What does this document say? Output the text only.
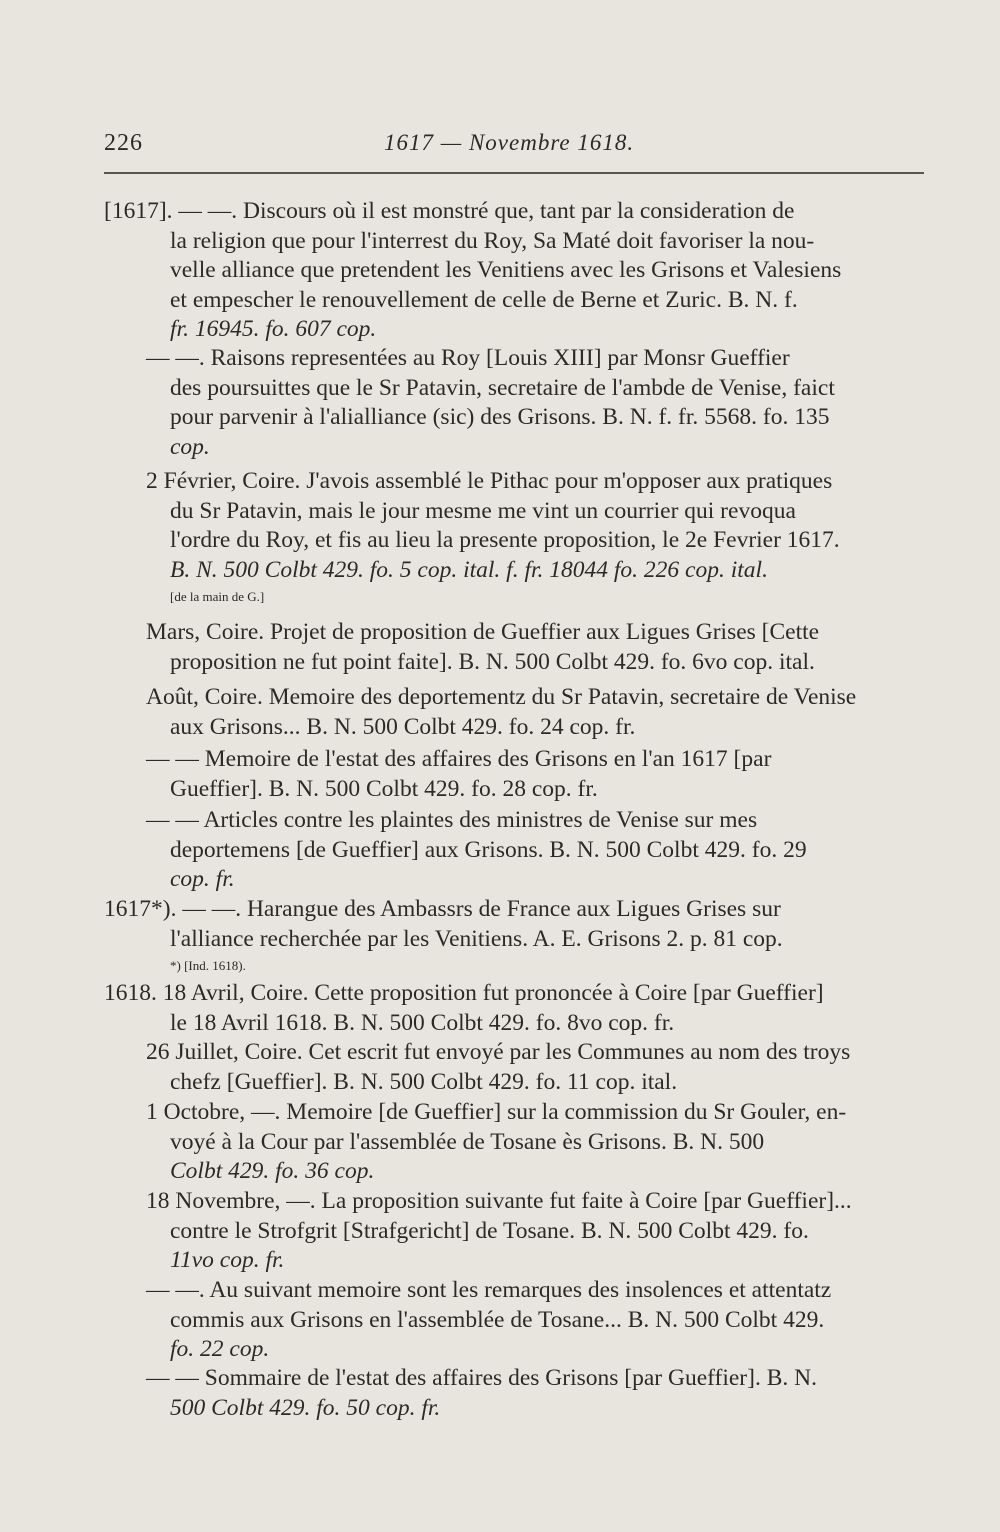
226	1617 — Novembre 1618.
[1617]. — —. Discours où il est monstré que, tant par la consideration de
la religion que pour l'interrest du Roy, Sa Maté doit favoriser la nou-
velle alliance que pretendent les Venitiens avec les Grisons et Valesiens
et empescher le renouvellement de celle de Berne et Zuric. B. N. f.
fr. 16945. fo. 607 cop.
— —. Raisons representées au Roy [Louis XIII] par Monsr Gueffier
des poursuittes que le Sr Patavin, secretaire de l'ambde de Venise, faict
pour parvenir à l'alialliance (sic) des Grisons. B. N. f. fr. 5568. fo. 135
cop.
2 Février, Coire. J'avois assemblé le Pithac pour m'opposer aux pratiques
du Sr Patavin, mais le jour mesme me vint un courrier qui revoqua
l'ordre du Roy, et fis au lieu la presente proposition, le 2e Fevrier 1617.
B. N. 500 Colbt 429. fo. 5 cop. ital. f. fr. 18044 fo. 226 cop. ital.
[de la main de G.]
Mars, Coire. Projet de proposition de Gueffier aux Ligues Grises [Cette
proposition ne fut point faite]. B. N. 500 Colbt 429. fo. 6vo cop. ital.
Août, Coire. Memoire des deportementz du Sr Patavin, secretaire de Venise
aux Grisons... B. N. 500 Colbt 429. fo. 24 cop. fr.
— — Memoire de l'estat des affaires des Grisons en l'an 1617 [par
Gueffier]. B. N. 500 Colbt 429. fo. 28 cop. fr.
— — Articles contre les plaintes des ministres de Venise sur mes
deportemens [de Gueffier] aux Grisons. B. N. 500 Colbt 429. fo. 29
cop. fr.
1617*). — —. Harangue des Ambassrs de France aux Ligues Grises sur
l'alliance recherchée par les Venitiens. A. E. Grisons 2. p. 81 cop.
*) [Ind. 1618).
1618. 18 Avril, Coire. Cette proposition fut prononcée à Coire [par Gueffier]
le 18 Avril 1618. B. N. 500 Colbt 429. fo. 8vo cop. fr.
26 Juillet, Coire. Cet escrit fut envoyé par les Communes au nom des troys
chefz [Gueffier]. B. N. 500 Colbt 429. fo. 11 cop. ital.
1 Octobre, —. Memoire [de Gueffier] sur la commission du Sr Gouler, en-
voyé à la Cour par l'assemblée de Tosane ès Grisons. B. N. 500
Colbt 429. fo. 36 cop.
18 Novembre, —. La proposition suivante fut faite à Coire [par Gueffier]...
contre le Strofgrit [Strafgericht] de Tosane. B. N. 500 Colbt 429. fo.
11vo cop. fr.
— —. Au suivant memoire sont les remarques des insolences et attentatz
commis aux Grisons en l'assemblée de Tosane... B. N. 500 Colbt 429.
fo. 22 cop.
— — Sommaire de l'estat des affaires des Grisons [par Gueffier]. B. N.
500 Colbt 429. fo. 50 cop. fr.
